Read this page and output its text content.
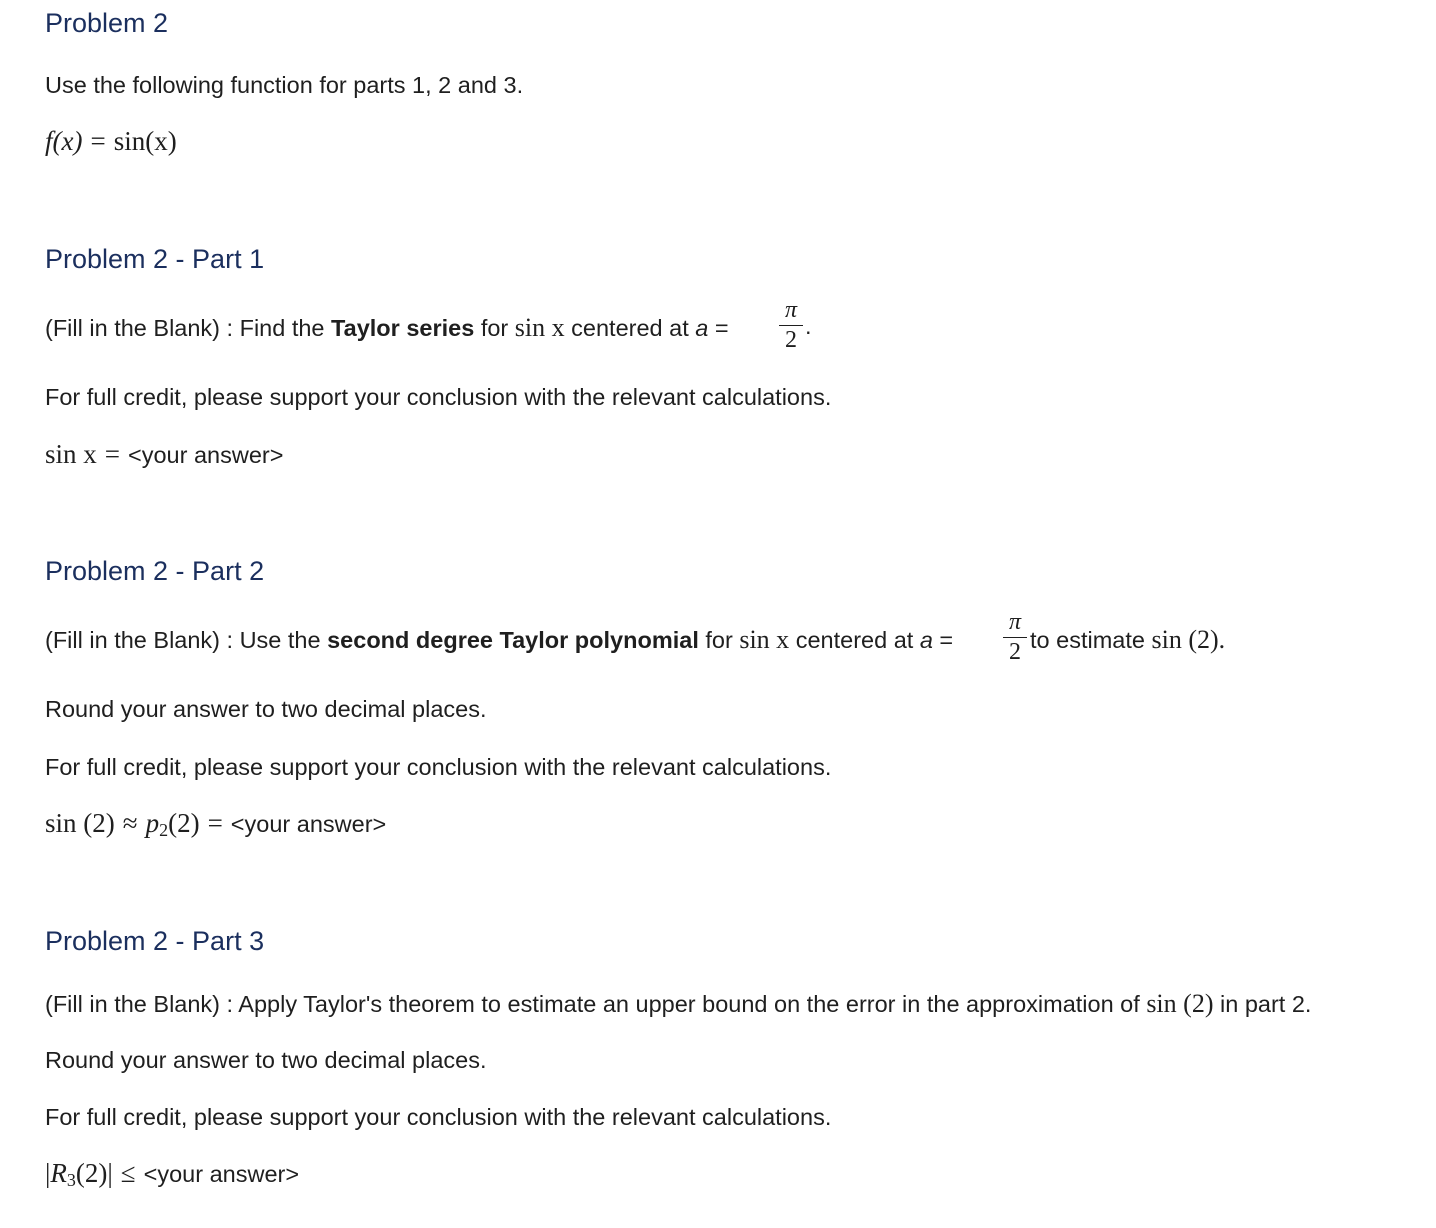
Problem 2
Use the following function for parts 1, 2 and 3.
f(x) = sin(x)
Problem 2 - Part 1
(Fill in the Blank) : Find the Taylor series for sin x centered at a =
π
2
.
For full credit, please support your conclusion with the relevant calculations.
sin x = <your answer>
Problem 2 - Part 2
(Fill in the Blank) : Use the second degree Taylor polynomial for sin x centered at a =
π
2 to estimate sin (2).
Round your answer to two decimal places.
For full credit, please support your conclusion with the relevant calculations.
$\sin (2) \approx p_2(2)$ = <your answer>
Problem 2 - Part 3
(Fill in the Blank) : Apply Taylor's theorem to estimate an upper bound on the error in the approximation of sin (2) in part 2.
Round your answer to two decimal places.
For full credit, please support your conclusion with the relevant calculations.
$|R_3(2)|$ ≤ <your answer>
